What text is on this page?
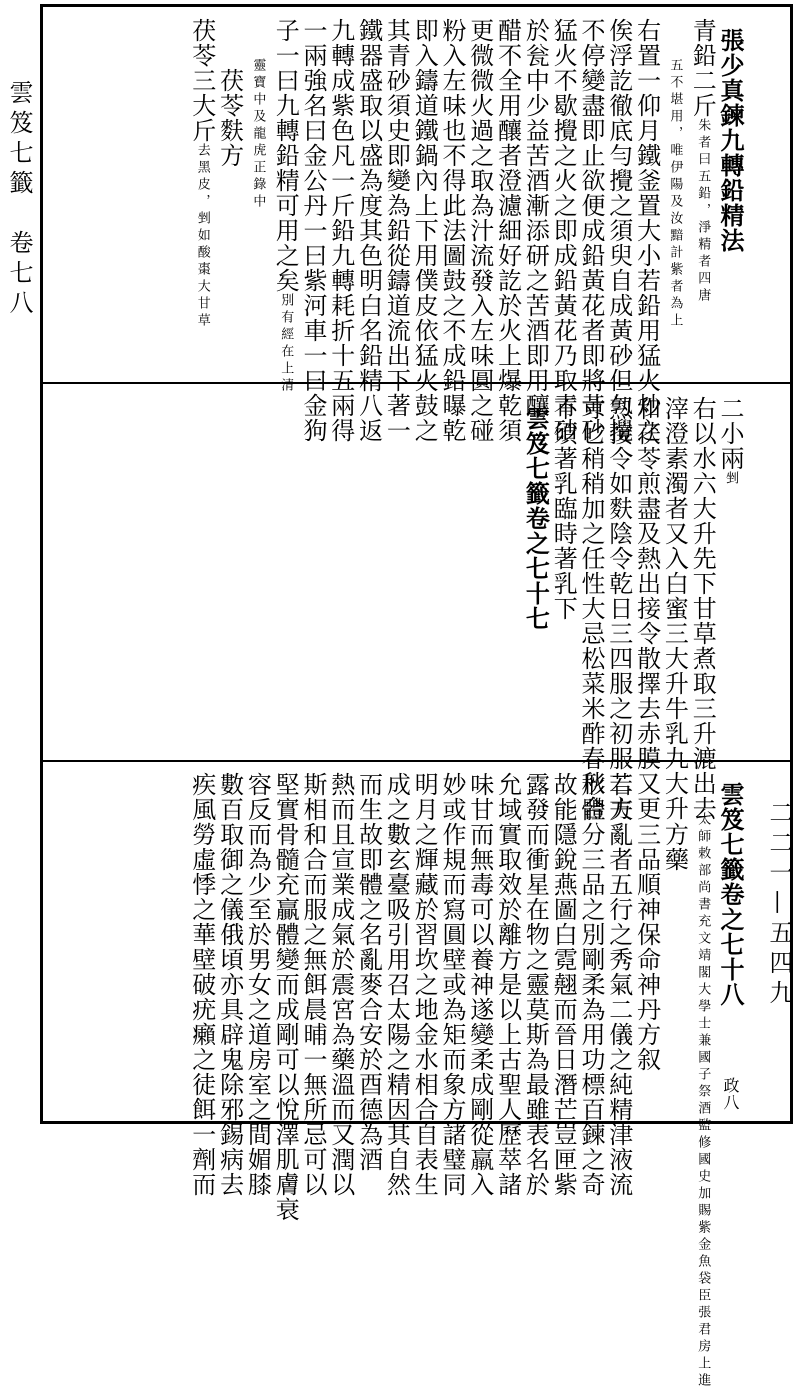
雲笈七籤　卷七八
二二一—五四九
張少真鍊九轉鉛精法
青鉛二斤朱者曰五鉛，淨精者四唐
五不堪用，唯伊陽及汝黯計紫者為上
右置一仰月鐵釜置大小若鉛用猛火炒之
俟浮訖徹底勻攪之須臾自成黃砂但勻攪
不停變盡即止欲便成鉛黃花者即將黃砂
猛火不歇攪之火之即成鉛黃花乃取青砂
於瓮中少益苦酒漸添研之苦酒即用釀
醋不全用釀者澄濾細好訖於火上爆乾須
更微微火過之取為汁流發入左味圓之碰
粉入左味也不得此法圖鼓之不成鉛曝乾
即入鑄道鐵鍋內上下用僕皮依猛火鼓之
其青砂須史即變為鉛從鑄道流出下著一
鐵器盛取以盛為度其色明白名鉛精八返
九轉成紫色凡一斤鉛九轉耗折十五兩得
一兩強名曰金公丹一曰紫河車一曰金狗
子一曰九轉鉛精可用之矣別有經在上清
靈寶中及龍虎正錄中
茯苓麩方
茯苓三大斤去黑皮，剉如酸棗大甘草
二小兩剉
右以水六大升先下甘草煮取三升漉出去
滓澄素濁者又入白蜜三大升牛乳九大升
和茯苓煎盡及熱出接令散擇去赤膜又更
熟接令如麩陰令乾日三四服之初服二方
寸匕稍稍加之任性大忌松菜米酢春秋合
不須著乳臨時著乳下
雲笈七籤卷之七十七
雲笈七籤卷之七十八政八
太師敕部尚書充文靖閣大學士兼國子祭酒監修國史加賜紫金魚袋臣張君房上進
方藥
三品順神保命神丹方叙
若夫亂者五行之秀氣二儀之純精津液流
形體分三品之別剛柔為用功標百鍊之奇
故能隱銳燕圖白霓翹而晉日潛芒豈匣紫
露發而衝星在物之靈莫斯為最雖表名於
允域實取效於離方是以上古聖人歷萃諸
味甘而無毒可以養神遂變柔成剛從羸入
妙或作規而寫圓壁或為矩而象方諸璧同
明月之輝藏於習坎之地金水相合自表生
成之數玄臺吸引用召太陽之精因其自然
而生故即體之名亂麥合安於酉德為酒
熱而且宣業成氣於震宮為藥溫而又潤以
斯相和合而服之無餌晨晡一無所忌可以
堅實骨髓充贏體變而成剛可以悅澤肌膚衰
容反而為少至於男女之道房室之間媚膝
數百取御之儀俄頃亦具辟鬼除邪錫病去
疾風勞虛悸之華壁破疣癩之徒餌一劑而
